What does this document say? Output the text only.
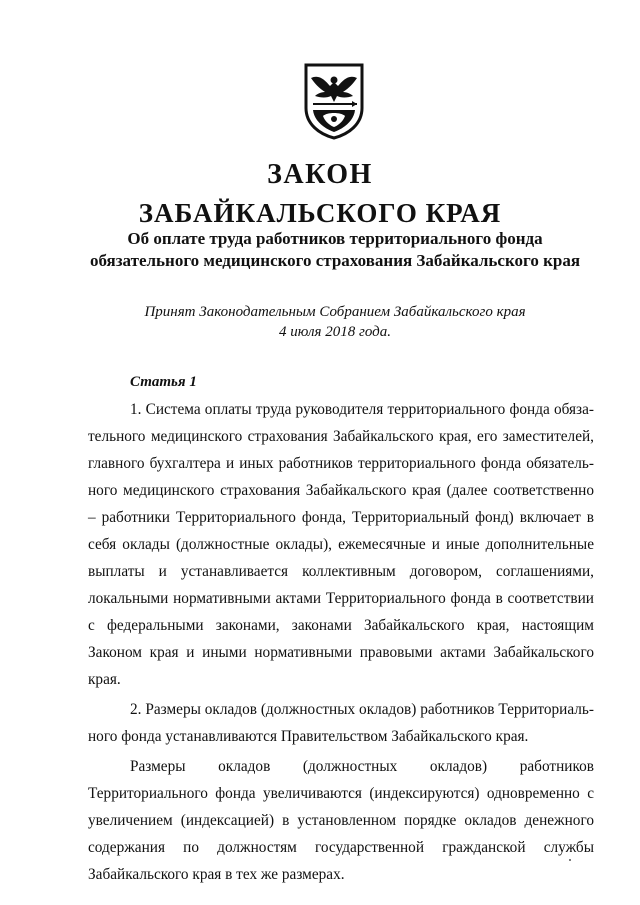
ЗАКОН
ЗАБАЙКАЛЬСКОГО КРАЯ
Об оплате труда работников территориального фонда
обязательного медицинского страхования Забайкальского края
Принят Законодательным Собранием Забайкальского края
4 июля 2018 года.
Статья 1

1. Система оплаты труда руководителя территориального фонда обязательного медицинского страхования Забайкальского края, его заместителей, главного бухгалтера и иных работников территориального фонда обязательного медицинского страхования Забайкальского края (далее соответственно – работники Территориального фонда, Территориальный фонд) включает в себя оклады (должностные оклады), ежемесячные и иные дополнительные выплаты и устанавливается коллективным договором, соглашениями, локальными нормативными актами Территориального фонда в соответствии с федеральными законами, законами Забайкальского края, настоящим Законом края и иными нормативными правовыми актами Забайкальского края.

2. Размеры окладов (должностных окладов) работников Территориального фонда устанавливаются Правительством Забайкальского края.

Размеры окладов (должностных окладов) работников Территориального фонда увеличиваются (индексируются) одновременно с увеличением (индексацией) в установленном порядке окладов денежного содержания по должностям государственной гражданской службы Забайкальского края в тех же размерах.
